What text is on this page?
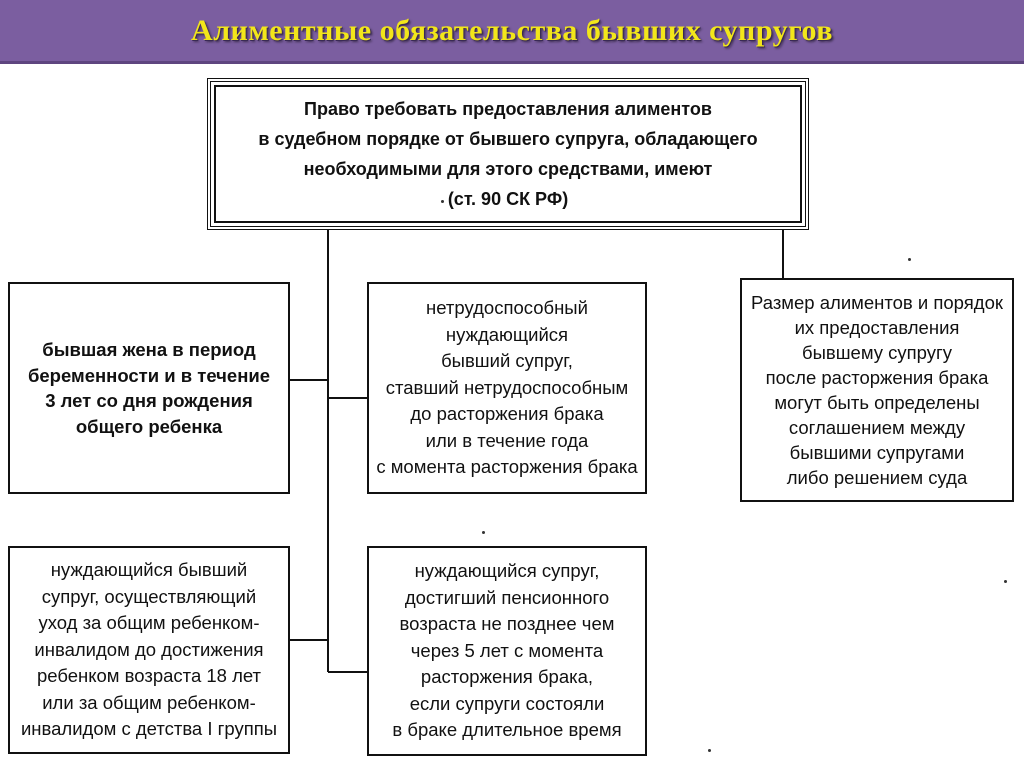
Алиментные обязательства бывших супругов
Право требовать предоставления алиментов
в судебном порядке от бывшего супруга, обладающего
необходимыми для этого средствами, имеют
(ст. 90 СК РФ)
бывшая жена в период
беременности и в течение
3 лет со дня рождения
общего ребенка
нетрудоспособный
нуждающийся
бывший супруг,
ставший нетрудоспособным
до расторжения брака
или в течение года
с момента расторжения брака
Размер алиментов и порядок
их предоставления
бывшему супругу
после расторжения брака
могут быть определены
соглашением между
бывшими супругами
либо решением суда
нуждающийся бывший
супруг, осуществляющий
уход за общим ребенком-
инвалидом до достижения
ребенком возраста 18 лет
или за общим ребенком-
инвалидом с детства I группы
нуждающийся супруг,
достигший пенсионного
возраста не позднее чем
через 5 лет с момента
расторжения брака,
если супруги состояли
в браке длительное время
